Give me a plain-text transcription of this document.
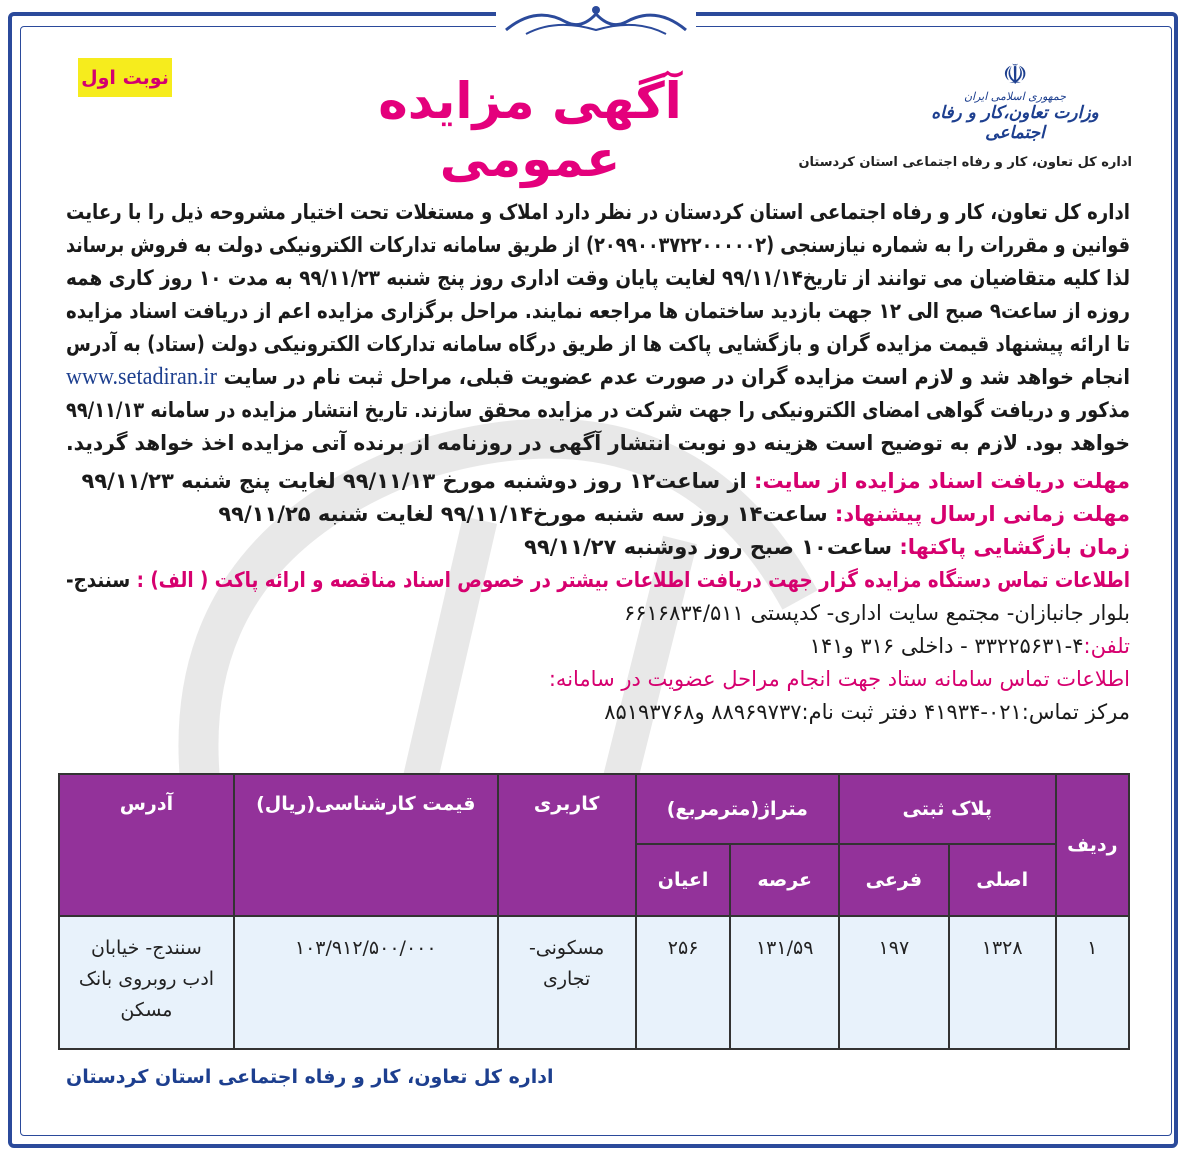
نوبت اول	آگهی مزایده عمومی
☫
جمهوری اسلامی ایران
وزارت تعاون،کار و رفاه اجتماعی
اداره کل تعاون، کار و رفاه اجتماعی استان کردستان
اداره کل تعاون، کار و رفاه اجتماعی استان کردستان در نظر دارد املاک و مستغلات تحت اختیار مشروحه ذیل را با رعایت
قوانین و مقررات را به شماره نیازسنجی (۲۰۹۹۰۰۳۷۲۲۰۰۰۰۰۲) از طریق سامانه تدارکات الکترونیکی دولت به فروش برساند
لذا کلیه متقاضیان می توانند از تاریخ۹۹/۱۱/۱۴ لغایت پایان وقت اداری روز پنج شنبه ۹۹/۱۱/۲۳ به مدت ۱۰ روز کاری همه
روزه از ساعت۹ صبح الی ۱۲ جهت بازدید ساختمان ها مراجعه نمایند. مراحل برگزاری مزایده اعم از دریافت اسناد مزایده
تا ارائه پیشنهاد قیمت مزایده گران و بازگشایی پاکت ها از طریق درگاه سامانه تدارکات الکترونیکی دولت (ستاد) به آدرس
انجام خواهد شد و لازم است مزایده گران در صورت عدم عضویت قبلی، مراحل ثبت نام در سایت www.setadiran.ir
مذکور و دریافت گواهی امضای الکترونیکی را جهت شرکت در مزایده محقق سازند. تاریخ انتشار مزایده در سامانه ۹۹/۱۱/۱۳
خواهد بود. لازم به توضیح است هزینه دو نوبت انتشار آگهی در روزنامه از برنده آتی مزایده اخذ خواهد گردید.
مهلت دریافت اسناد مزایده از سایت: از ساعت۱۲ روز دوشنبه مورخ ۹۹/۱۱/۱۳ لغایت پنج شنبه ۹۹/۱۱/۲۳
مهلت زمانی ارسال پیشنهاد: ساعت۱۴ روز سه شنبه مورخ۹۹/۱۱/۱۴ لغایت شنبه ۹۹/۱۱/۲۵
زمان بازگشایی پاکتها: ساعت۱۰ صبح روز دوشنبه ۹۹/۱۱/۲۷
اطلاعات تماس دستگاه مزایده گزار جهت دریافت اطلاعات بیشتر در خصوص اسناد مناقصه و ارائه پاکت ( الف) : سنندج-
بلوار جانبازان- مجتمع سایت اداری- کدپستی ۶۶۱۶۸۳۴/۵۱۱
تلفن:۴-۳۳۲۲۵۶۳۱ - داخلی ۳۱۶ و۱۴۱
اطلاعات تماس سامانه ستاد جهت انجام مراحل عضویت در سامانه:
مرکز تماس:۰۲۱-۴۱۹۳۴ دفتر ثبت نام:۸۸۹۶۹۷۳۷ و۸۵۱۹۳۷۶۸
ردیف	پلاک ثبتی		متراژ(مترمربع)		کاربری	قیمت کارشناسی(ریال)	آدرس
	اصلی	فرعی	عرصه	اعیان			
۱	۱۳۲۸	۱۹۷	۱۳۱/۵۹	۲۵۶	مسکونی- تجاری	۱۰۳/۹۱۲/۵۰۰/۰۰۰	سنندج- خیابان ادب روبروی بانک مسکن
اداره کل تعاون، کار و رفاه اجتماعی استان کردستان
